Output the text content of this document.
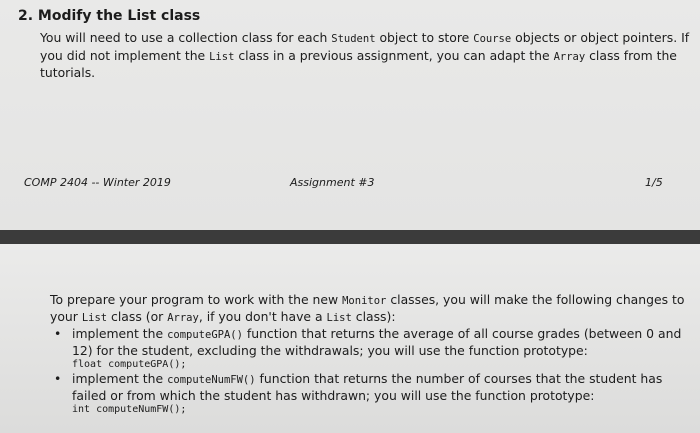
2. Modify the List class
You will need to use a collection class for each Student object to store Course objects or object pointers. If you did not implement the List class in a previous assignment, you can adapt the Array class from the tutorials.
COMP 2404 -- Winter 2019	Assignment #3	1/5
To prepare your program to work with the new Monitor classes, you will make the following changes to your List class (or Array, if you don't have a List class):
• implement the computeGPA() function that returns the average of all course grades (between 0 and 12) for the student, excluding the withdrawals; you will use the function prototype:
float computeGPA();
• implement the computeNumFW() function that returns the number of courses that the student has failed or from which the student has withdrawn; you will use the function prototype:
int computeNumFW();
